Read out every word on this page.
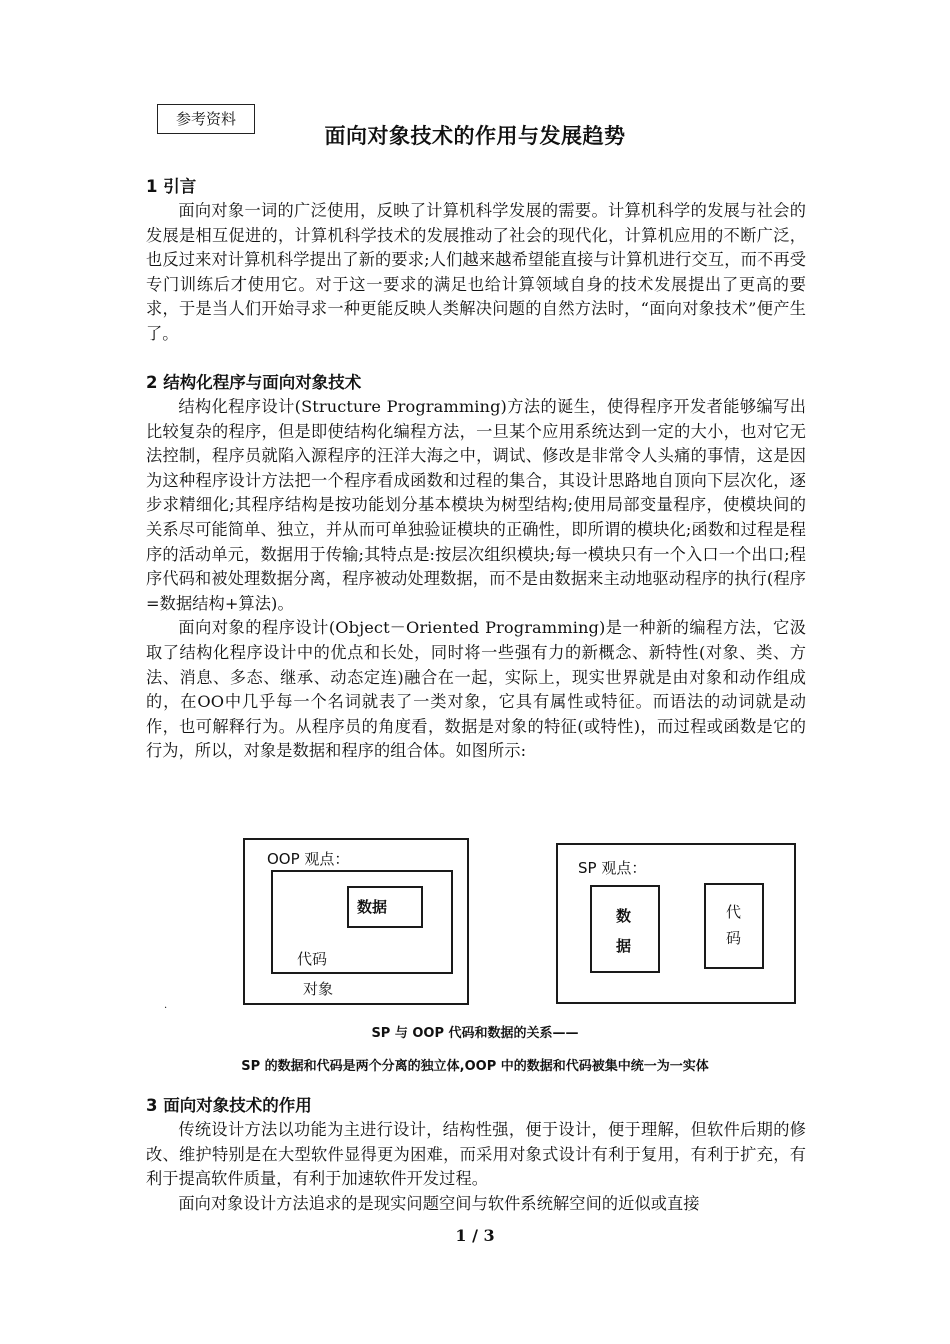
参考资料
面向对象技术的作用与发展趋势

1 引言

面向对象一词的广泛使用，反映了计算机科学发展的需要。计算机科学的发展与社会的发展是相互促进的，计算机科学技术的发展推动了社会的现代化，计算机应用的不断广泛，也反过来对计算机科学提出了新的要求;人们越来越希望能直接与计算机进行交互，而不再受专门训练后才使用它。对于这一要求的满足也给计算领域自身的技术发展提出了更高的要求，于是当人们开始寻求一种更能反映人类解决问题的自然方法时，“面向对象技术”便产生了。

2 结构化程序与面向对象技术

结构化程序设计(Structure Programming)方法的诞生，使得程序开发者能够编写出比较复杂的程序，但是即使结构化编程方法，一旦某个应用系统达到一定的大小，也对它无法控制，程序员就陷入源程序的汪洋大海之中，调试、修改是非常令人头痛的事情，这是因为这种程序设计方法把一个程序看成函数和过程的集合，其设计思路地自顶向下层次化，逐步求精细化;其程序结构是按功能划分基本模块为树型结构;使用局部变量程序，使模块间的关系尽可能简单、独立，并从而可单独验证模块的正确性，即所谓的模块化;函数和过程是程序的活动单元，数据用于传输;其特点是:按层次组织模块;每一模块只有一个入口一个出口;程序代码和被处理数据分离，程序被动处理数据，而不是由数据来主动地驱动程序的执行(程序=数据结构+算法)。

面向对象的程序设计(Object－Oriented Programming)是一种新的编程方法，它汲取了结构化程序设计中的优点和长处，同时将一些强有力的新概念、新特性(对象、类、方法、消息、多态、继承、动态定连)融合在一起，实际上，现实世界就是由对象和动作组成的，在OO中几乎每一个名词就表了一类对象，它具有属性或特征。而语法的动词就是动作，也可解释行为。从程序员的角度看，数据是对象的特征(或特性)，而过程或函数是它的行为，所以，对象是数据和程序的组合体。如图所示:

OOP 观点：
数据
代码
对象
SP 观点：
数
据
代
码
.
SP 与 OOP 代码和数据的关系——
SP 的数据和代码是两个分离的独立体,OOP 中的数据和代码被集中统一为一实体

3 面向对象技术的作用

传统设计方法以功能为主进行设计，结构性强，便于设计，便于理解，但软件后期的修改、维护特别是在大型软件显得更为困难，而采用对象式设计有利于复用，有利于扩充，有利于提高软件质量，有利于加速软件开发过程。

面向对象设计方法追求的是现实问题空间与软件系统解空间的近似或直接

1 / 3
